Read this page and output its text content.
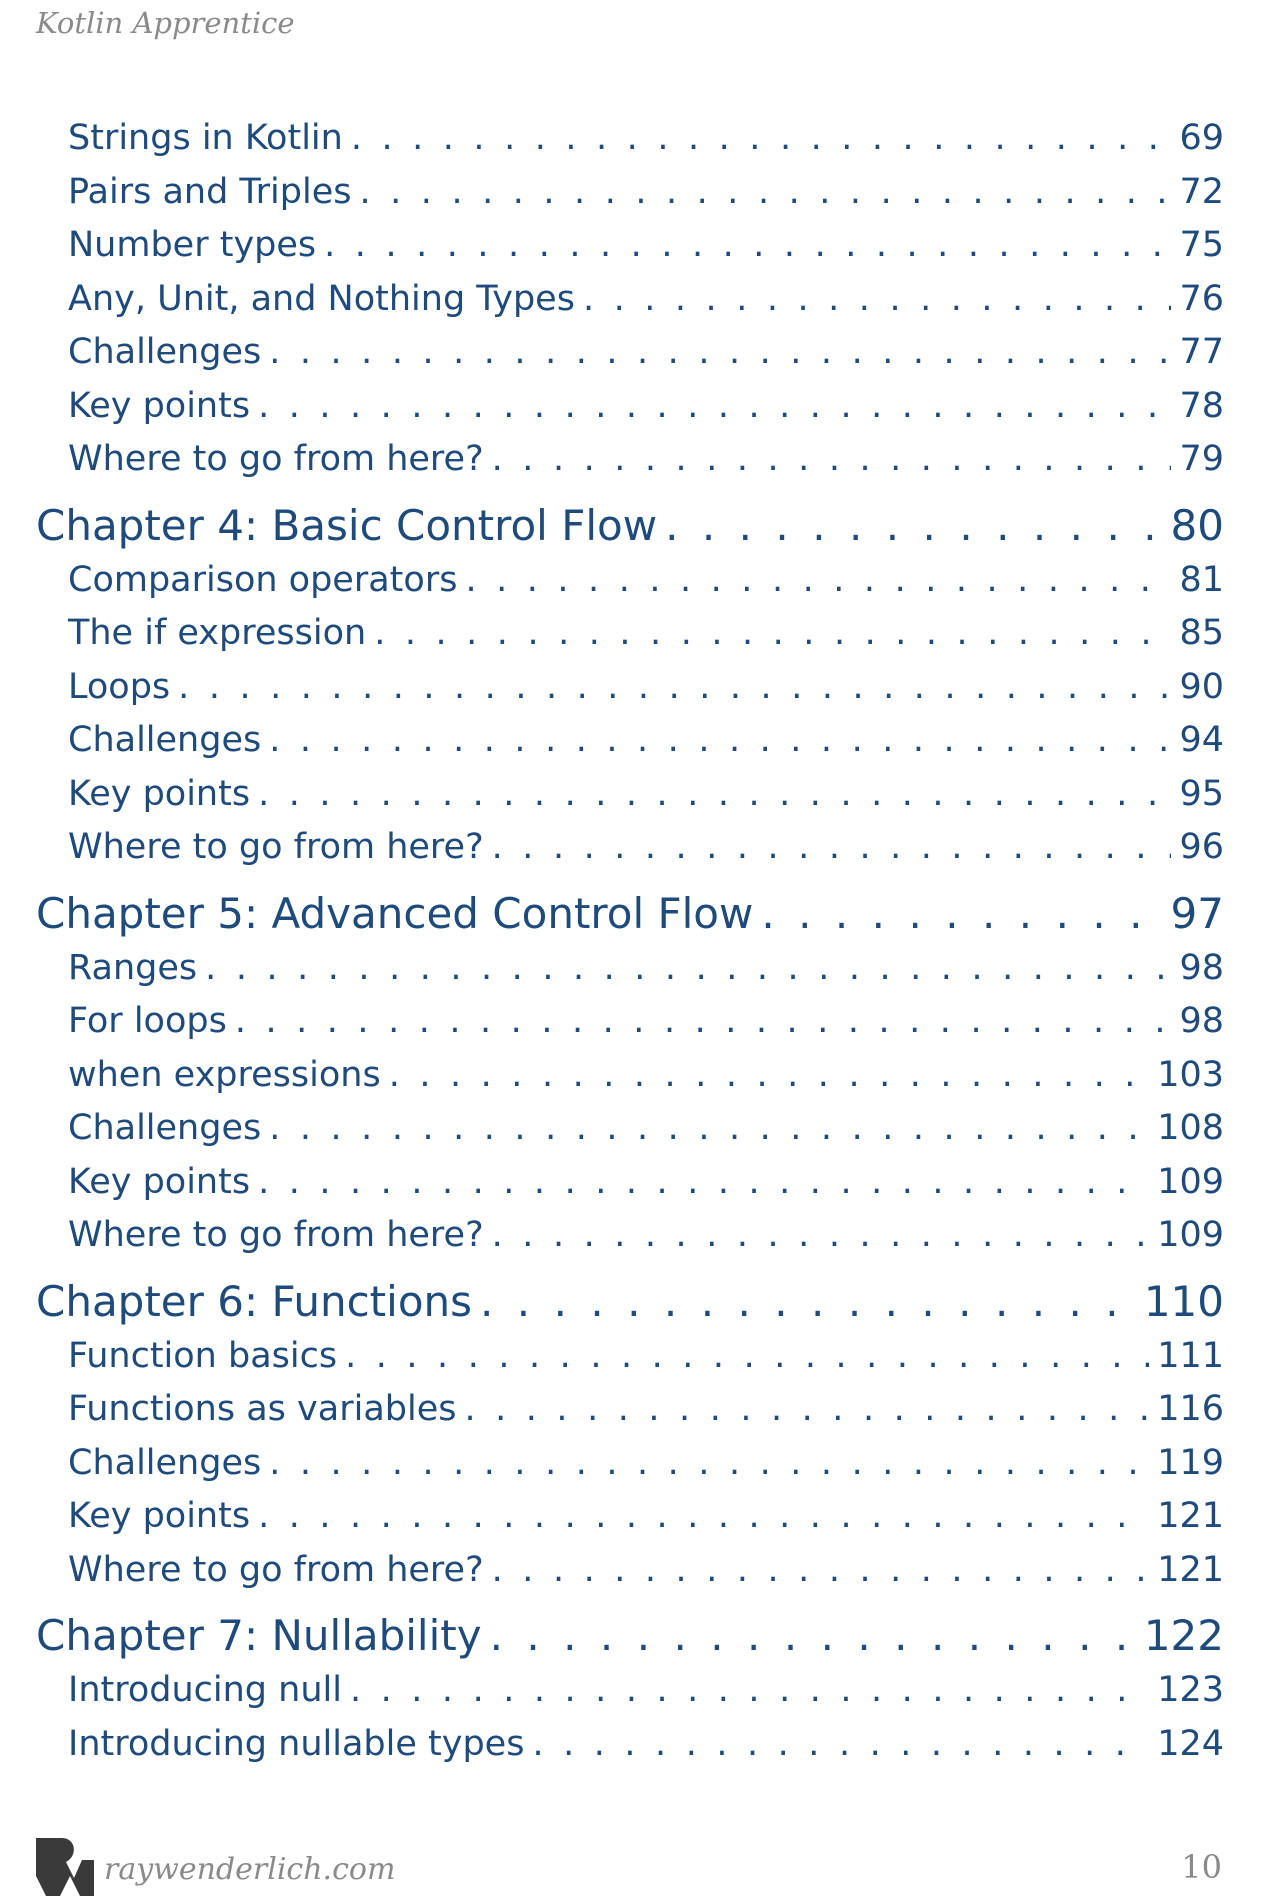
Kotlin Apprentice
Strings in Kotlin . . .	69
Pairs and Triples . . .	72
Number types . . .	75
Any, Unit, and Nothing Types . . .	76
Challenges . . .	77
Key points . . .	78
Where to go from here? . . .	79
Chapter 4: Basic Control Flow . . .	80
Comparison operators . . .	81
The if expression . . .	85
Loops . . .	90
Challenges . . .	94
Key points . . .	95
Where to go from here? . . .	96
Chapter 5: Advanced Control Flow . . .	97
Ranges . . .	98
For loops . . .	98
when expressions . . .	103
Challenges . . .	108
Key points . . .	109
Where to go from here? . . .	109
Chapter 6: Functions . . .	110
Function basics . . .	111
Functions as variables . . .	116
Challenges . . .	119
Key points . . .	121
Where to go from here? . . .	121
Chapter 7: Nullability . . .	122
Introducing null . . .	123
Introducing nullable types . . .	124
raywenderlich.com	10
